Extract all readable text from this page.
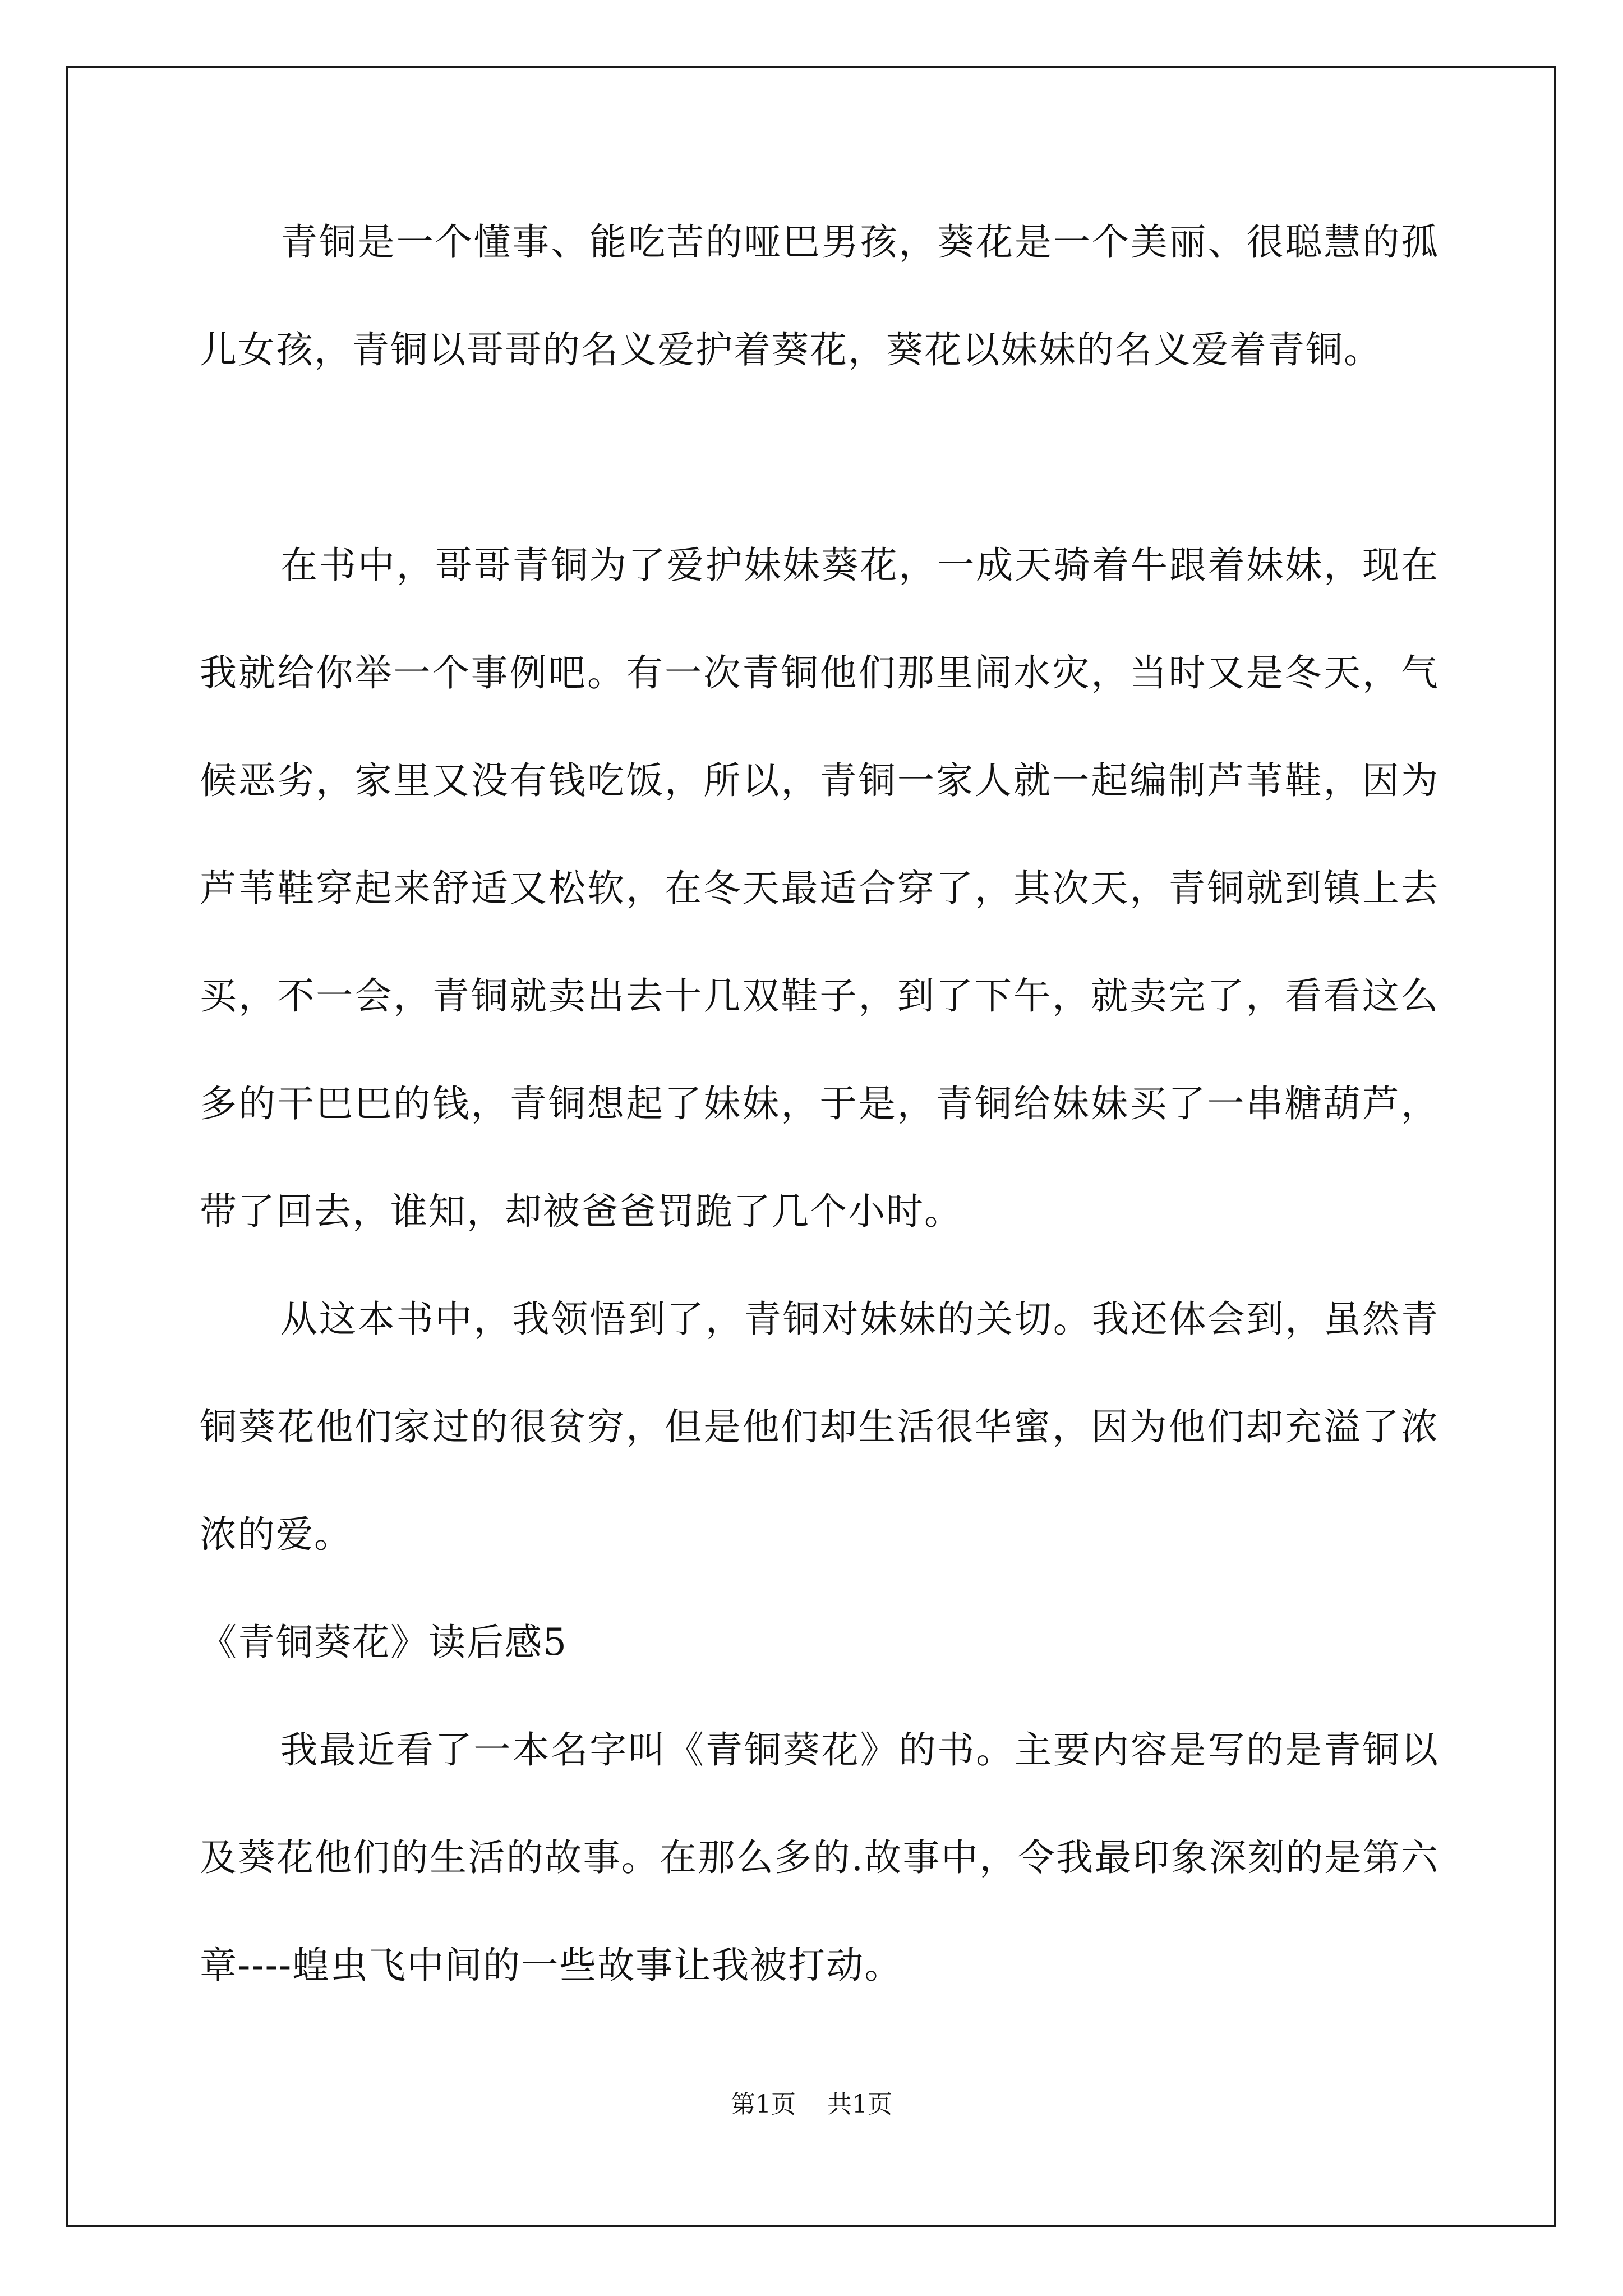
青铜是一个懂事、能吃苦的哑巴男孩，葵花是一个美丽、很聪慧的孤儿女孩，青铜以哥哥的名义爱护着葵花，葵花以妹妹的名义爱着青铜。

在书中，哥哥青铜为了爱护妹妹葵花，一成天骑着牛跟着妹妹，现在我就给你举一个事例吧。有一次青铜他们那里闹水灾，当时又是冬天，气候恶劣，家里又没有钱吃饭，所以，青铜一家人就一起编制芦苇鞋，因为芦苇鞋穿起来舒适又松软，在冬天最适合穿了，其次天，青铜就到镇上去买，不一会，青铜就卖出去十几双鞋子，到了下午，就卖完了，看看这么多的干巴巴的钱，青铜想起了妹妹，于是，青铜给妹妹买了一串糖葫芦，带了回去，谁知，却被爸爸罚跪了几个小时。

从这本书中，我领悟到了，青铜对妹妹的关切。我还体会到，虽然青铜葵花他们家过的很贫穷，但是他们却生活很华蜜，因为他们却充溢了浓浓的爱。

《青铜葵花》读后感5

我最近看了一本名字叫《青铜葵花》的书。主要内容是写的是青铜以及葵花他们的生活的故事。在那么多的.故事中，令我最印象深刻的是第六章----蝗虫飞中间的一些故事让我被打动。

第1页 共1页
